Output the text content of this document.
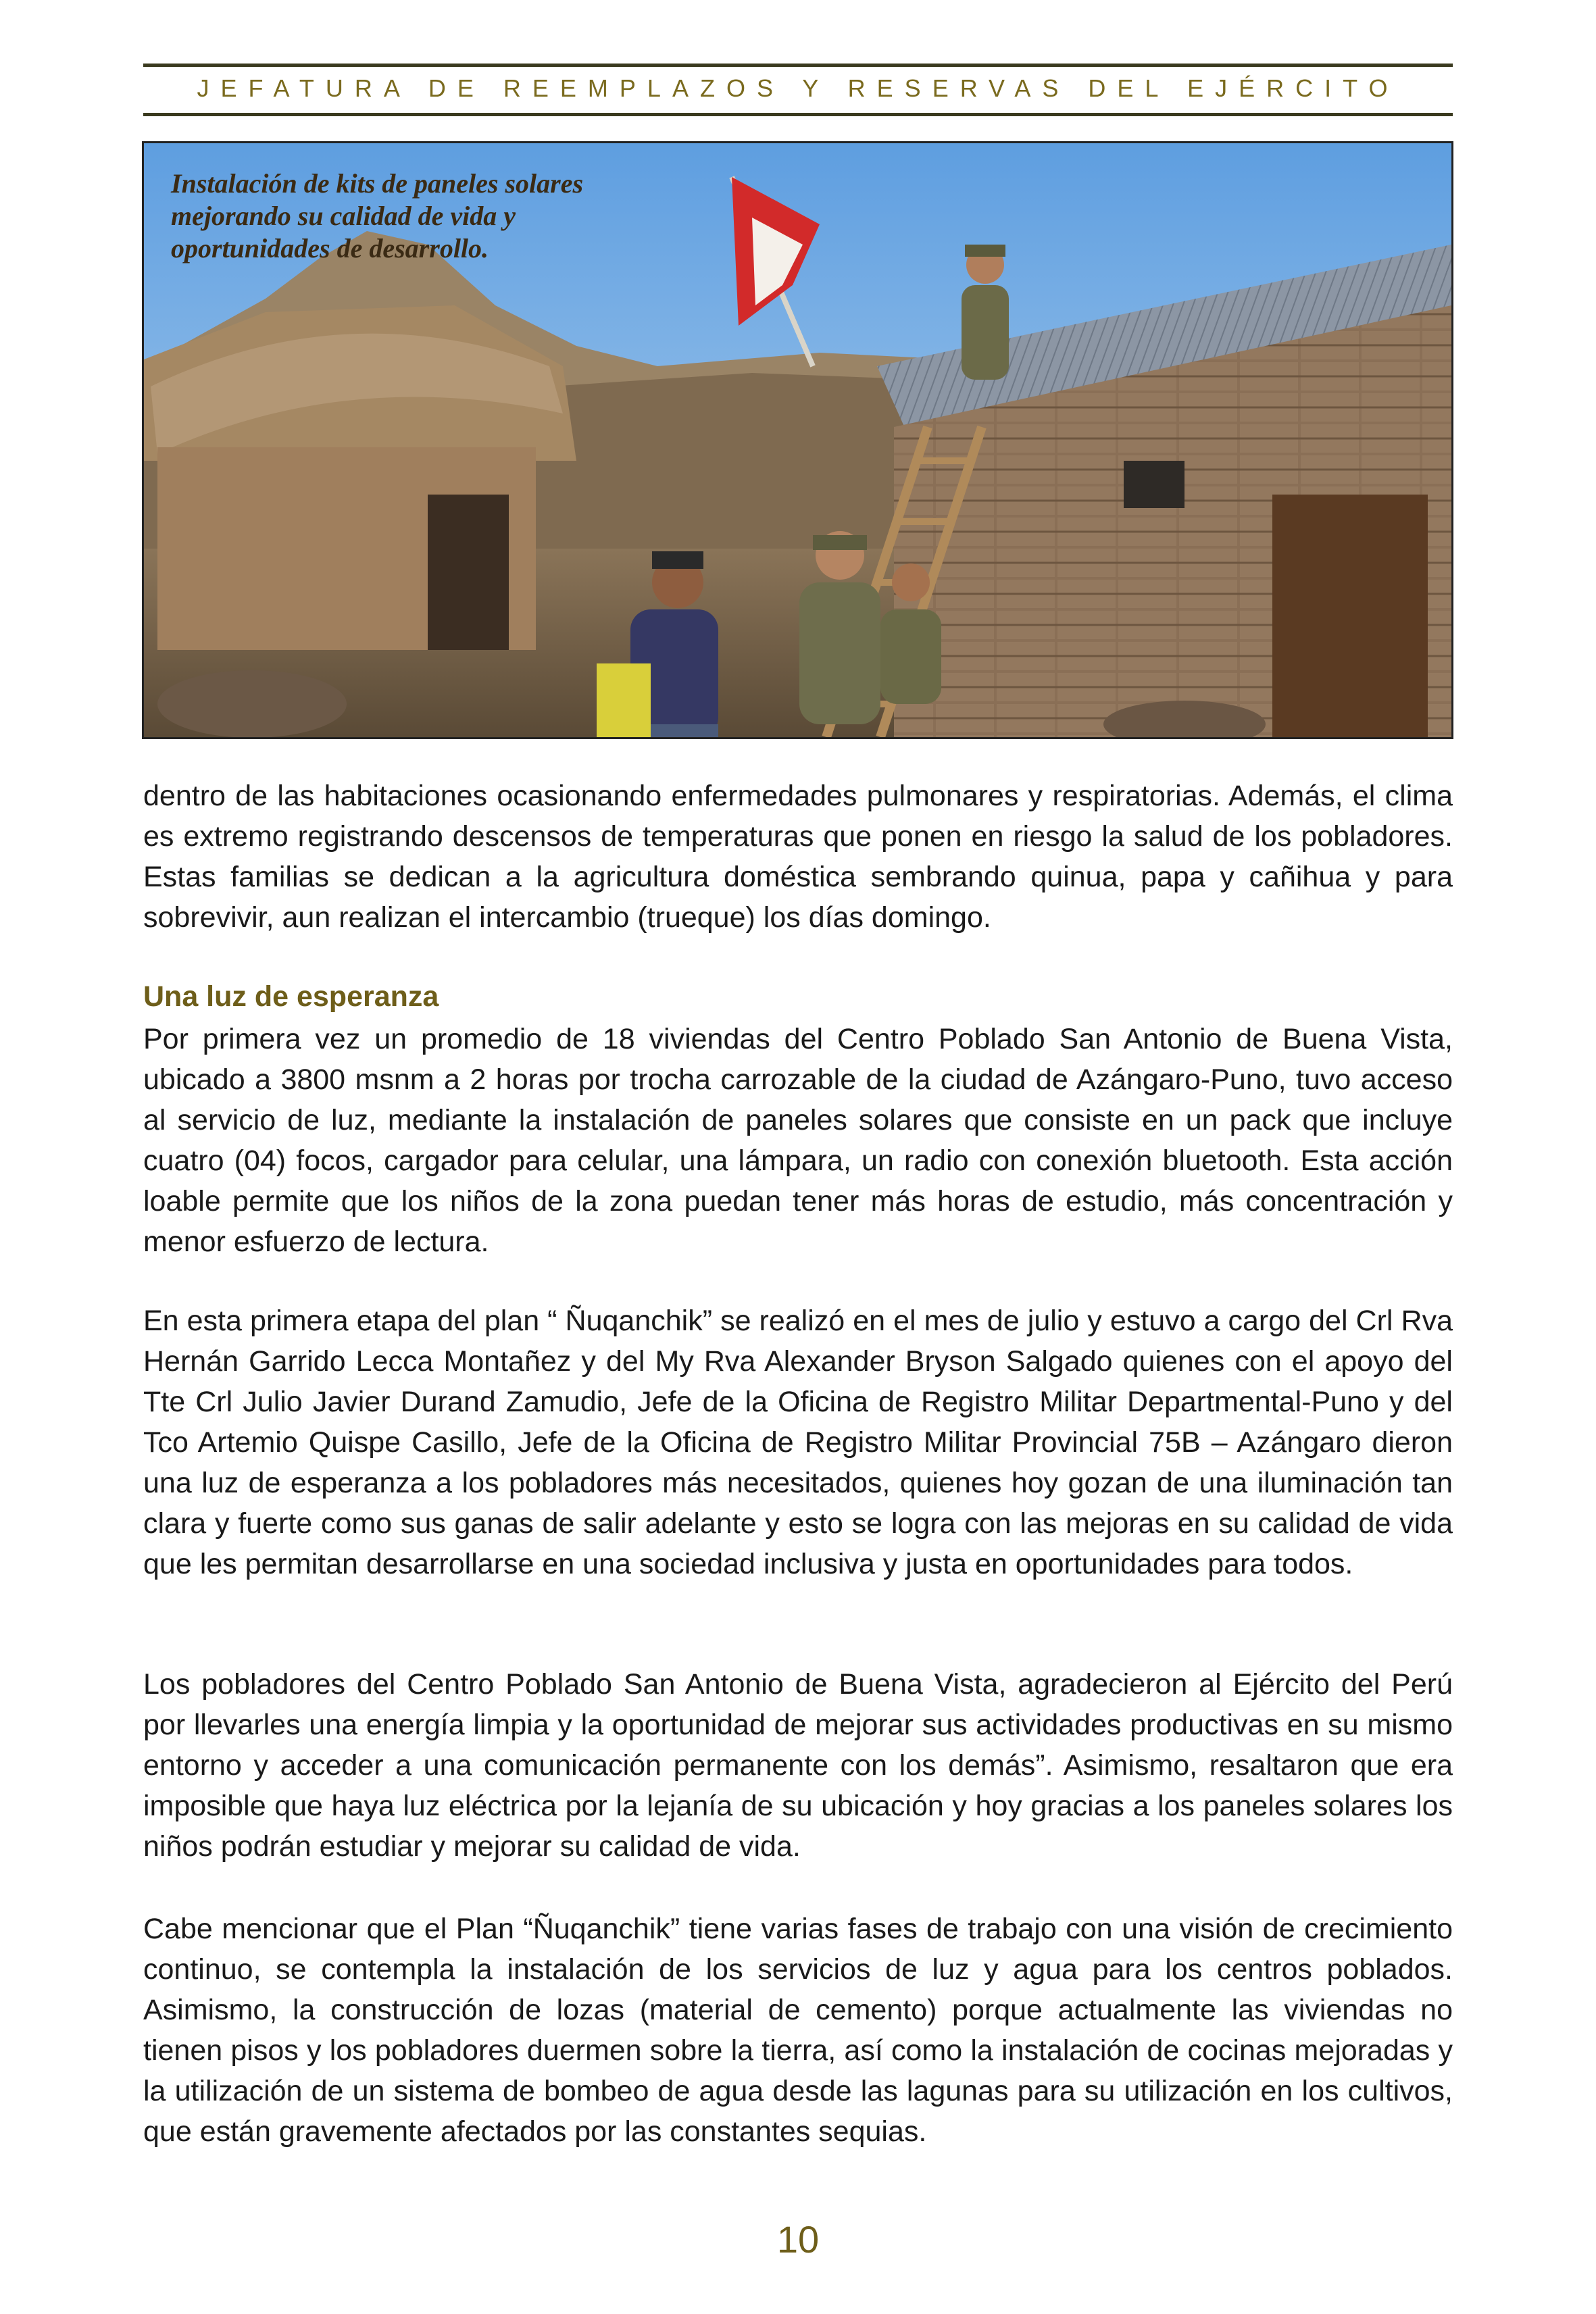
JEFATURA DE REEMPLAZOS Y RESERVAS DEL EJÉRCITO
Instalación de kits de paneles solares mejorando su calidad de vida y oportunidades de desarrollo.

dentro de las habitaciones ocasionando enfermedades pulmonares y respiratorias. Además, el clima es extremo registrando descensos de temperaturas que ponen en riesgo la salud de los pobladores. Estas familias se dedican a la agricultura doméstica sembrando quinua, papa y cañihua y para sobrevivir, aun realizan el intercambio (trueque) los días domingo.

Una luz de esperanza

Por primera vez un promedio de 18 viviendas del Centro Poblado San Antonio de Buena Vista, ubicado a 3800 msnm a 2 horas por trocha carrozable de la ciudad de Azángaro-Puno, tuvo acceso al servicio de luz, mediante la instalación de paneles solares que consiste en un pack que incluye cuatro (04) focos, cargador para celular, una lámpara, un radio con conexión bluetooth. Esta acción loable permite que los niños de la zona puedan tener más horas de estudio, más concentración y menor esfuerzo de lectura.

En esta primera etapa del plan “ Ñuqanchik” se realizó en el mes de julio y estuvo a cargo del Crl Rva Hernán Garrido Lecca Montañez y del My Rva Alexander Bryson Salgado quienes con el apoyo del Tte Crl Julio Javier Durand Zamudio, Jefe de la Oficina de Registro Militar Departmental-Puno y del Tco Artemio Quispe Casillo, Jefe de la Oficina de Registro Militar Provincial 75B – Azángaro dieron una luz de esperanza a los pobladores más necesitados, quienes hoy gozan de una iluminación tan clara y fuerte como sus ganas de salir adelante y esto se logra con las mejoras en su calidad de vida que les permitan desarrollarse en una sociedad inclusiva y justa en oportunidades para todos.

Los pobladores del Centro Poblado San Antonio de Buena Vista, agradecieron al Ejército del Perú por llevarles una energía limpia y la oportunidad de mejorar sus actividades productivas en su mismo entorno y acceder a una comunicación permanente con los demás”. Asimismo, resaltaron que era imposible que haya luz eléctrica por la lejanía de su ubicación y hoy gracias a los paneles solares los niños podrán estudiar y mejorar su calidad de vida.

Cabe mencionar que el Plan “Ñuqanchik” tiene varias fases de trabajo con una visión de crecimiento continuo, se contempla la instalación de los servicios de luz y agua para los centros poblados. Asimismo, la construcción de lozas (material de cemento) porque actualmente las viviendas no tienen pisos y los pobladores duermen sobre la tierra, así como la instalación de cocinas mejoradas y la utilización de un sistema de bombeo de agua desde las lagunas para su utilización en los cultivos, que están gravemente afectados por las constantes sequias.

10
